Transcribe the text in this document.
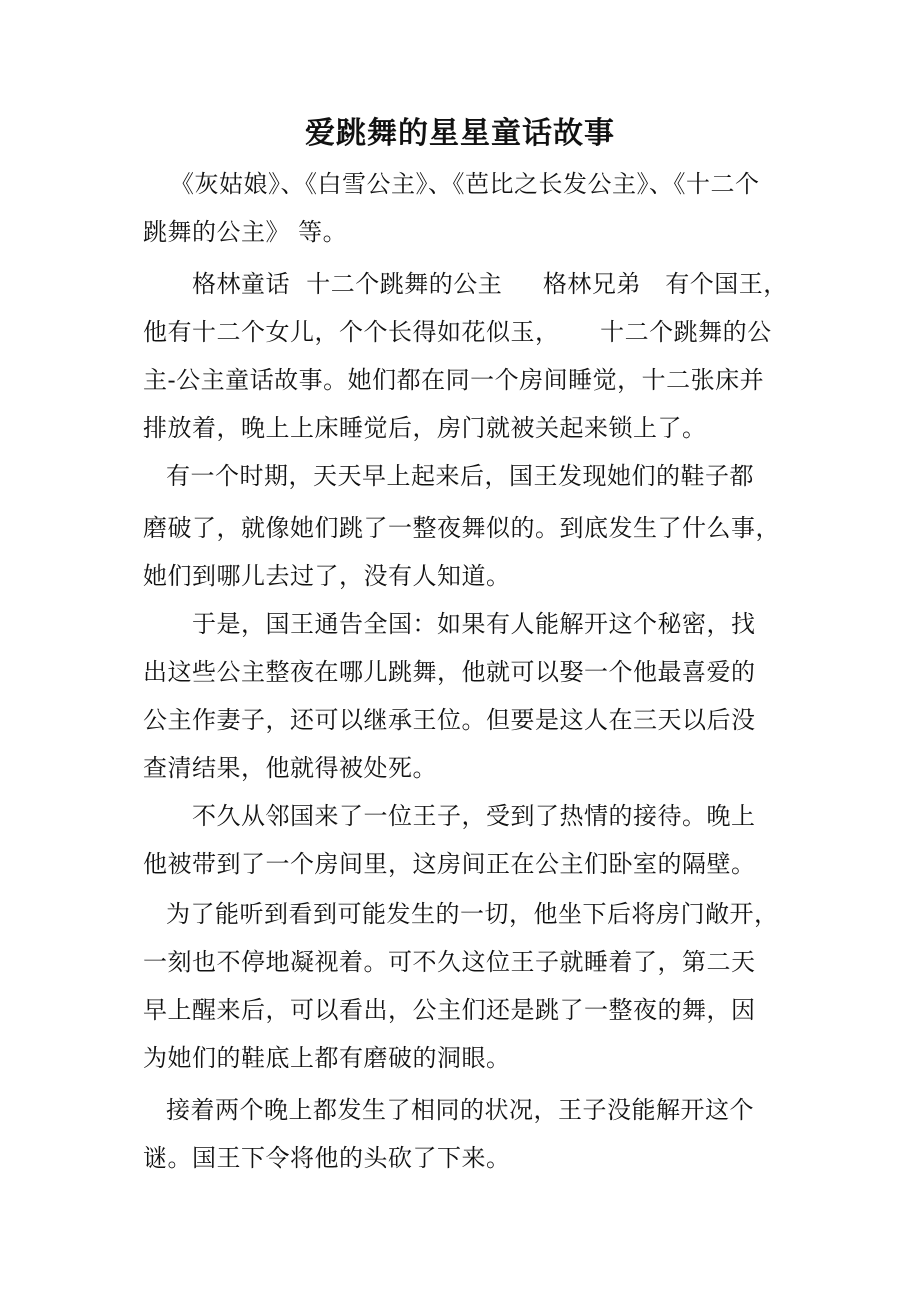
爱跳舞的星星童话故事
《灰姑娘》、《白雪公主》、《芭比之长发公主》、《十二个
跳舞的公主》 等。
格林童话  十二个跳舞的公主     格林兄弟   有个国王，
他有十二个女儿，个个长得如花似玉，     十二个跳舞的公
主-公主童话故事。她们都在同一个房间睡觉，十二张床并
排放着，晚上上床睡觉后，房门就被关起来锁上了。
有一个时期，天天早上起来后，国王发现她们的鞋子都
磨破了，就像她们跳了一整夜舞似的。到底发生了什么事，
她们到哪儿去过了，没有人知道。
于是，国王通告全国：如果有人能解开这个秘密，找
出这些公主整夜在哪儿跳舞，他就可以娶一个他最喜爱的
公主作妻子，还可以继承王位。但要是这人在三天以后没
查清结果，他就得被处死。
不久从邻国来了一位王子，受到了热情的接待。晚上
他被带到了一个房间里，这房间正在公主们卧室的隔壁。
为了能听到看到可能发生的一切，他坐下后将房门敞开，
一刻也不停地凝视着。可不久这位王子就睡着了，第二天
早上醒来后，可以看出，公主们还是跳了一整夜的舞，因
为她们的鞋底上都有磨破的洞眼。
接着两个晚上都发生了相同的状况，王子没能解开这个
谜。国王下令将他的头砍了下来。
